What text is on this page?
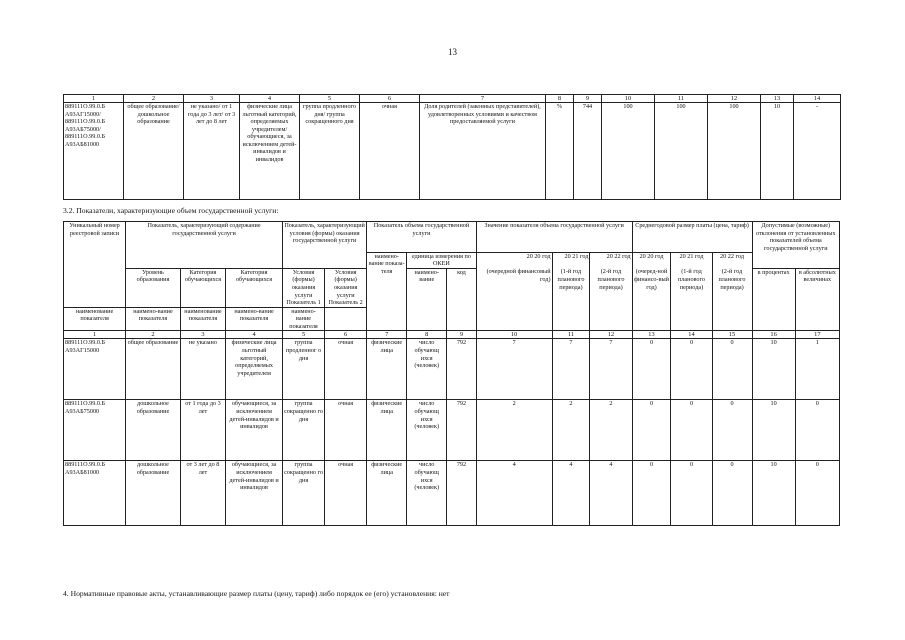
13
1	2	3	4	5	6	7	8	9	10	11	12	13	14
889111О.99.0.Б А93АГ15000/ 889111О.99.0.Б А93АБ75000/ 889111О.99.0.Б А93АБ81000	общее образование/ дошкольное образование	не указано/ от 1 года до 3 лет/ от 3 лет до 8 лет	физические лица льготный категорий, определяемых учредителем/ обучающиеся, за исключением детей-инвалидов и инвалидов	группа продленного дня/ группа сокращенного дня	очная	Доля родителей (законных представителей), удовлетворенных условиями и качеством предоставляемой услуги	%	744	100	100	100	10	-
3.2. Показатели, характеризующие объем государственной услуги:
Уникальный номер реестровой записи	Показатель, характеризующий содержание государственной услуги			Показатель, характеризующий условия (формы) оказания государственной услуги		Показатель объема государственной услуги			Значение показателя объема государственной услуги			Среднегодовой размер платы (цена, тариф)			Допустимые (возможные) отклонения от установленных показателей объема государственной услуги	
						наимено-вание показа-теля	единица измерения по ОКЕИ		20 20 год	20 21 год	20 22 год	20 20 год	20 21 год	20 22 год		
	Уровень образования	Категория обучающихся	Категория обучающихся	Условия (формы) оказания услуги Показатель 1	Условия (формы) оказания услуги Показатель 2		наимено-вание	код	(очередной финансовый год)	(1-й год планового периода)	(2-й год планового периода)	(очеред-ной финансо-вый год)	(1-й год планового периода)	(2-й год планового периода)	в процентах	в абсолютных величинах
наименование показателя	наимено-вание показателя	наименование показателя	наимено-вание показателя	наимено-вание показателя												
1	2	3	4	5	6	7	8	9	10	11	12	13	14	15	16	17
889111О.99.0.Б А93АГ15000	общее образование	не указано	физические лица льготный категорий, определяемых учредителем	группа продленног о дня	очная	физические лица	число обучающ ихся (человек)	792	7	7	7	0	0	0	10	1
889111О.99.0.Б А93АБ75000	дошкольное образование	от 1 года до 3 лет	обучающиеся, за исключением детей-инвалидов и инвалидов	группа сокращенно го дня	очная	физические лица	число обучающ ихся (человек)	792	2	2	2	0	0	0	10	0
889111О.99.0.Б А93АБ81000	дошкольное образование	от 3 лет до 8 лет	обучающиеся, за исключением детей-инвалидов и инвалидов	группа сокращенно го дня	очная	физические лица	число обучающ ихся (человек)	792	4	4	4	0	0	0	10	0
4. Нормативные правовые акты, устанавливающие размер платы (цену, тариф) либо порядок ее (его) установления: нет
